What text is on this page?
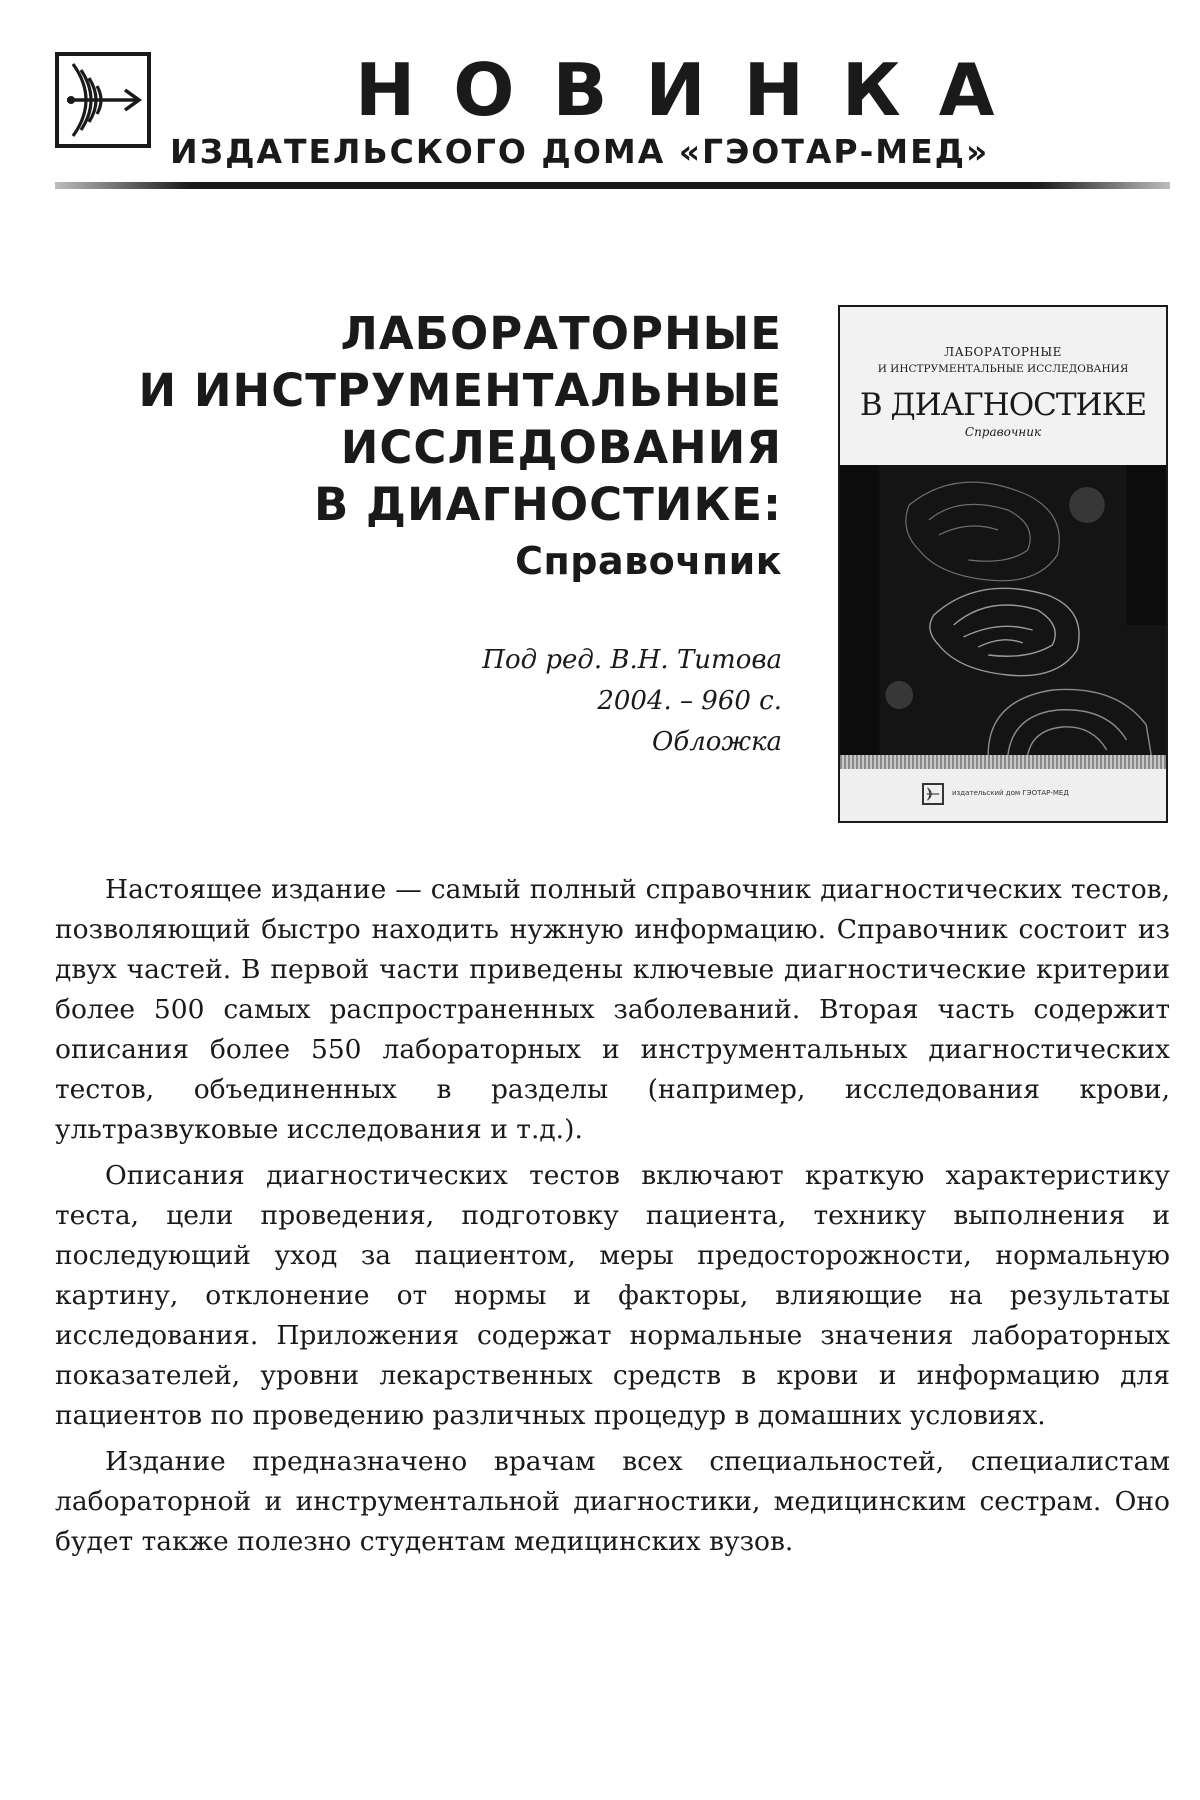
НОВИНКА
ИЗДАТЕЛЬСКОГО ДОМА «ГЭОТАР-МЕД»
ЛАБОРАТОРНЫЕ
И ИНСТРУМЕНТАЛЬНЫЕ
ИССЛЕДОВАНИЯ
В ДИАГНОСТИКЕ:
Справочпик
Под ред. В.Н. Титова
2004. – 960 с.
Обложка
ЛАБОРАТОРНЫЕ
И ИНСТРУМЕНТАЛЬНЫЕ ИССЛЕДОВАНИЯ
В ДИАГНОСТИКЕ
Справочник
издательский дом ГЭОТАР-МЕД

Настоящее издание — самый полный справочник диагностических тестов, позволяющий быстро находить нужную информацию. Справочник состоит из двух частей. В первой части приведены ключевые диагностические критерии более 500 самых распространенных заболеваний. Вторая часть содержит описания более 550 лабораторных и инструментальных диагностических тестов, объединенных в разделы (например, исследования крови, ультразвуковые исследования и т.д.).

Описания диагностических тестов включают краткую характеристику теста, цели проведения, подготовку пациента, технику выполнения и последующий уход за пациентом, меры предосторожности, нормальную картину, отклонение от нормы и факторы, влияющие на результаты исследования. Приложения содержат нормальные значения лабораторных показателей, уровни лекарственных средств в крови и информацию для пациентов по проведению различных процедур в домашних условиях.

Издание предназначено врачам всех специальностей, специалистам лабораторной и инструментальной диагностики, медицинским сестрам. Оно будет также полезно студентам медицинских вузов.
